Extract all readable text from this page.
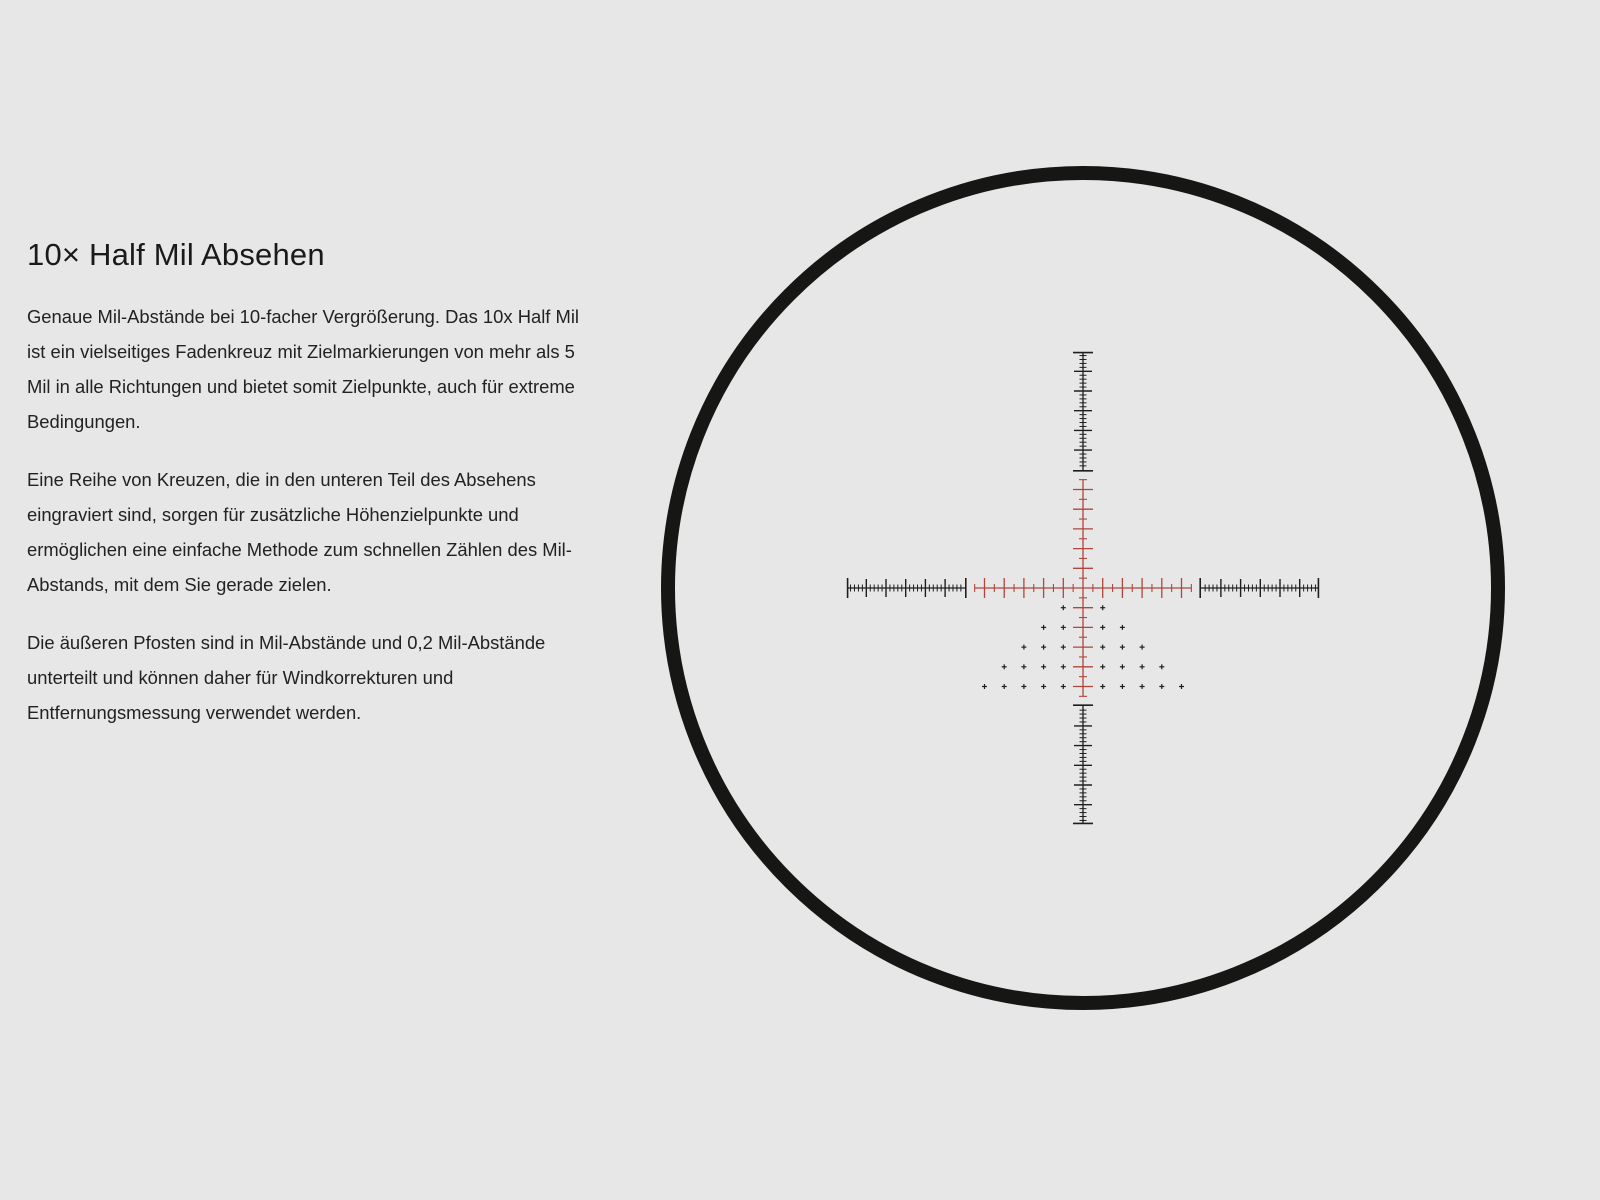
10× Half Mil Absehen

Genaue Mil-Abstände bei 10-facher Vergrößerung. Das 10x Half Mil ist ein vielseitiges Fadenkreuz mit Zielmarkierungen von mehr als 5 Mil in alle Richtungen und bietet somit Zielpunkte, auch für extreme Bedingungen.

Eine Reihe von Kreuzen, die in den unteren Teil des Absehens eingraviert sind, sorgen für zusätzliche Höhenzielpunkte und ermöglichen eine einfache Methode zum schnellen Zählen des Mil-Abstands, mit dem Sie gerade zielen.

Die äußeren Pfosten sind in Mil-Abstände und 0,2 Mil-Abstände unterteilt und können daher für Windkorrekturen und Entfernungsmessung verwendet werden.
